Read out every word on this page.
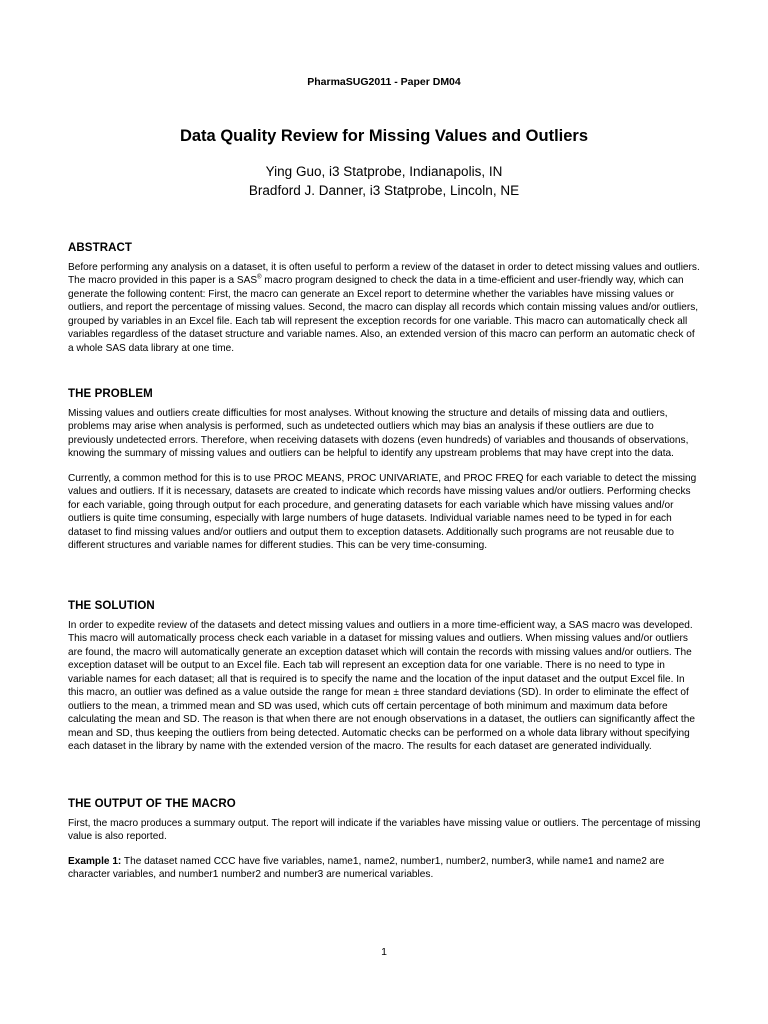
PharmaSUG2011 - Paper DM04
Data Quality Review for Missing Values and Outliers
Ying Guo, i3 Statprobe, Indianapolis, IN
Bradford J. Danner, i3 Statprobe, Lincoln, NE
ABSTRACT

Before performing any analysis on a dataset, it is often useful to perform a review of the dataset in order to detect missing values and outliers. The macro provided in this paper is a SAS® macro program designed to check the data in a time-efficient and user-friendly way, which can generate the following content: First, the macro can generate an Excel report to determine whether the variables have missing values or outliers, and report the percentage of missing values. Second, the macro can display all records which contain missing values and/or outliers, grouped by variables in an Excel file. Each tab will represent the exception records for one variable. This macro can automatically check all variables regardless of the dataset structure and variable names. Also, an extended version of this macro can perform an automatic check of a whole SAS data library at one time.

THE PROBLEM

Missing values and outliers create difficulties for most analyses. Without knowing the structure and details of missing data and outliers, problems may arise when analysis is performed, such as undetected outliers which may bias an analysis if these outliers are due to previously undetected errors. Therefore, when receiving datasets with dozens (even hundreds) of variables and thousands of observations, knowing the summary of missing values and outliers can be helpful to identify any upstream problems that may have crept into the data.

Currently, a common method for this is to use PROC MEANS, PROC UNIVARIATE, and PROC FREQ for each variable to detect the missing values and outliers. If it is necessary, datasets are created to indicate which records have missing values and/or outliers. Performing checks for each variable, going through output for each procedure, and generating datasets for each variable which have missing values and/or outliers is quite time consuming, especially with large numbers of huge datasets. Individual variable names need to be typed in for each dataset to find missing values and/or outliers and output them to exception datasets. Additionally such programs are not reusable due to different structures and variable names for different studies. This can be very time-consuming.

THE SOLUTION

In order to expedite review of the datasets and detect missing values and outliers in a more time-efficient way, a SAS macro was developed. This macro will automatically process check each variable in a dataset for missing values and outliers. When missing values and/or outliers are found, the macro will automatically generate an exception dataset which will contain the records with missing values and/or outliers. The exception dataset will be output to an Excel file. Each tab will represent an exception data for one variable. There is no need to type in variable names for each dataset; all that is required is to specify the name and the location of the input dataset and the output Excel file. In this macro, an outlier was defined as a value outside the range for mean ± three standard deviations (SD). In order to eliminate the effect of outliers to the mean, a trimmed mean and SD was used, which cuts off certain percentage of both minimum and maximum data before calculating the mean and SD. The reason is that when there are not enough observations in a dataset, the outliers can significantly affect the mean and SD, thus keeping the outliers from being detected. Automatic checks can be performed on a whole data library without specifying each dataset in the library by name with the extended version of the macro. The results for each dataset are generated individually.

THE OUTPUT OF THE MACRO

First, the macro produces a summary output. The report will indicate if the variables have missing value or outliers. The percentage of missing value is also reported.

Example 1: The dataset named CCC have five variables, name1, name2, number1, number2, number3, while name1 and name2 are character variables, and number1 number2 and number3 are numerical variables.

1
